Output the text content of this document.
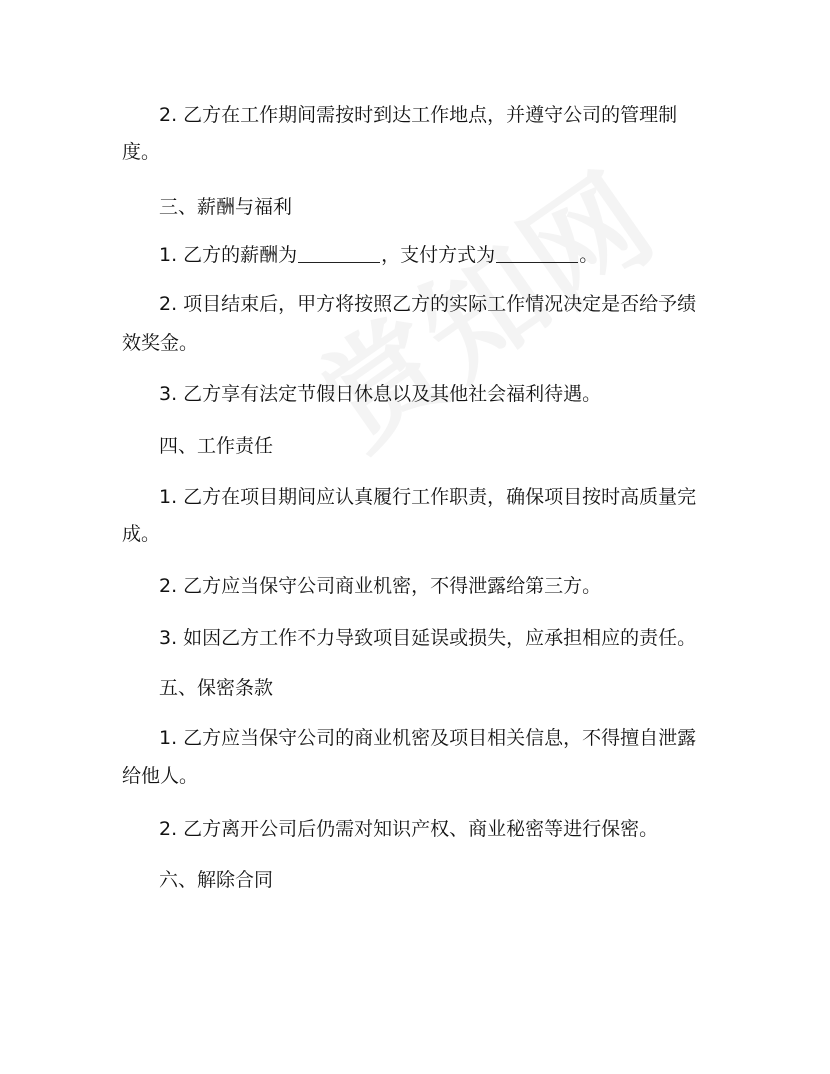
2. 乙方在工作期间需按时到达工作地点，并遵守公司的管理制
度。
三、薪酬与福利
1. 乙方的薪酬为	，支付方式为	。
2. 项目结束后，甲方将按照乙方的实际工作情况决定是否给予绩
效奖金。
3. 乙方享有法定节假日休息以及其他社会福利待遇。
四、工作责任
1. 乙方在项目期间应认真履行工作职责，确保项目按时高质量完
成。
2. 乙方应当保守公司商业机密，不得泄露给第三方。
3. 如因乙方工作不力导致项目延误或损失，应承担相应的责任。
五、保密条款
1. 乙方应当保守公司的商业机密及项目相关信息，不得擅自泄露
给他人。
2. 乙方离开公司后仍需对知识产权、商业秘密等进行保密。
六、解除合同
